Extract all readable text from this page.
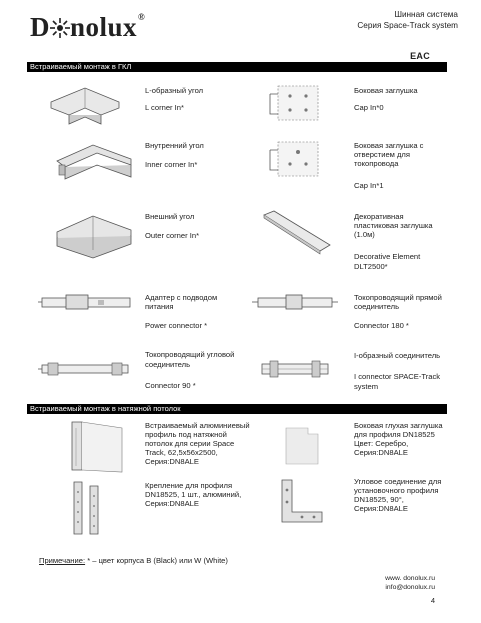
D nolux®	Шинная система
Серия Space-Track system
EAC
Встраиваемый монтаж в ГКЛ
L-образный угол
L corner In*
Внутренний угол
Inner corner In*
Внешний угол
Outer corner In*
Адаптер с подводом
питания
Power connector *
Токопроводящий угловой
соединитель
Connector 90 *
Боковая заглушка
Cap In*0
Боковая заглушка с
отверстием для
токопровода
Cap In*1
Декоративная
пластиковая заглушка
(1.0м)
Decorative Element
DLT2500*
Токопроводящий прямой
соединитель
Connector 180 *
I-образный соединитель
I connector SPACE-Track
system
Встраиваемый монтаж в натяжной потолок
Встраиваемый алюминиевый
профиль под натяжной
потолок для серии Space
Track, 62,5x56x2500,
Серия:DN8ALE
Крепление для профиля
DN18525, 1 шт., алюминий,
Серия:DN8ALE
Боковая глухая заглушка
для профиля DN18525
Цвет: Серебро,
Серия:DN8ALE
Угловое соединение для
установочного профиля
DN18525, 90°,
Серия:DN8ALE
Примечание: * – цвет корпуса B (Black) или W (White)
www. donolux.ru
info@donolux.ru
4
